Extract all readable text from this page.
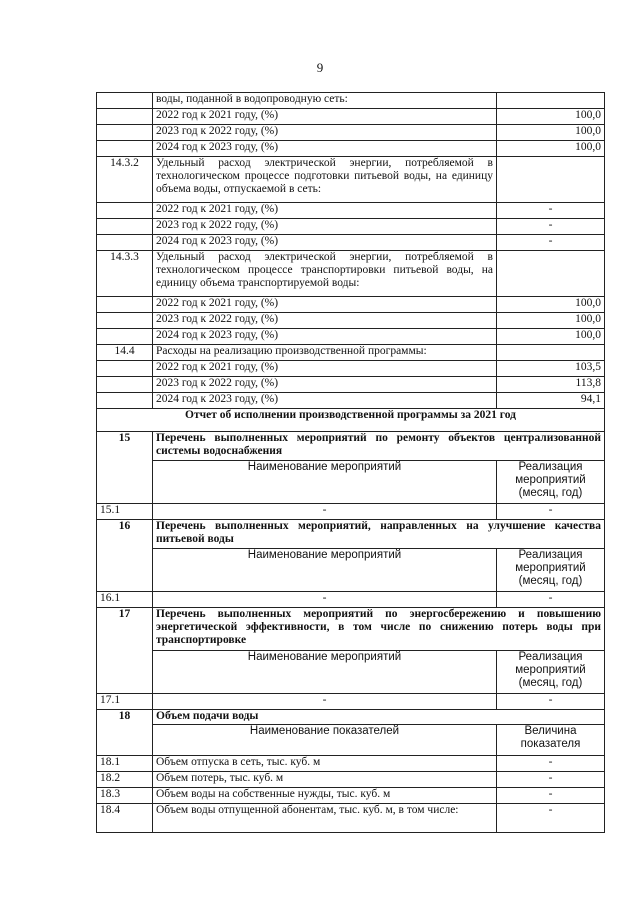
9
	воды, поданной в водопроводную сеть:	
	2022 год к 2021 году, (%)	100,0
	2023 год к 2022 году, (%)	100,0
	2024 год к 2023 году, (%)	100,0
14.3.2	Удельный расход электрической энергии, потребляемой в технологическом процессе подготовки питьевой воды, на единицу объема воды, отпускаемой в сеть:	
	2022 год к 2021 году, (%)	-
	2023 год к 2022 году, (%)	-
	2024 год к 2023 году, (%)	-
14.3.3	Удельный расход электрической энергии, потребляемой в технологическом процессе транспортировки питьевой воды, на единицу объема транспортируемой воды:	
	2022 год к 2021 году, (%)	100,0
	2023 год к 2022 году, (%)	100,0
	2024 год к 2023 году, (%)	100,0
14.4	Расходы на реализацию производственной программы:	
	2022 год к 2021 году, (%)	103,5
	2023 год к 2022 году, (%)	113,8
	2024 год к 2023 году, (%)	94,1
Отчет об исполнении производственной программы за 2021 год		
15	Перечень выполненных мероприятий по ремонту объектов централизованной системы водоснабжения	
	Наименование мероприятий	Реализация мероприятий (месяц, год)
15.1	-	-
16	Перечень выполненных мероприятий, направленных на улучшение качества питьевой воды	
	Наименование мероприятий	Реализация мероприятий (месяц, год)
16.1	-	-
17	Перечень выполненных мероприятий по энергосбережению и повышению энергетической эффективности, в том числе по снижению потерь воды при транспортировке	
	Наименование мероприятий	Реализация мероприятий (месяц, год)
17.1	-	-
18	Объем подачи воды	
	Наименование показателей	Величина показателя
18.1	Объем отпуска в сеть, тыс. куб. м	-
18.2	Объем потерь, тыс. куб. м	-
18.3	Объем воды на собственные нужды, тыс. куб. м	-
18.4	Объем воды отпущенной абонентам, тыс. куб. м, в том числе:	-
